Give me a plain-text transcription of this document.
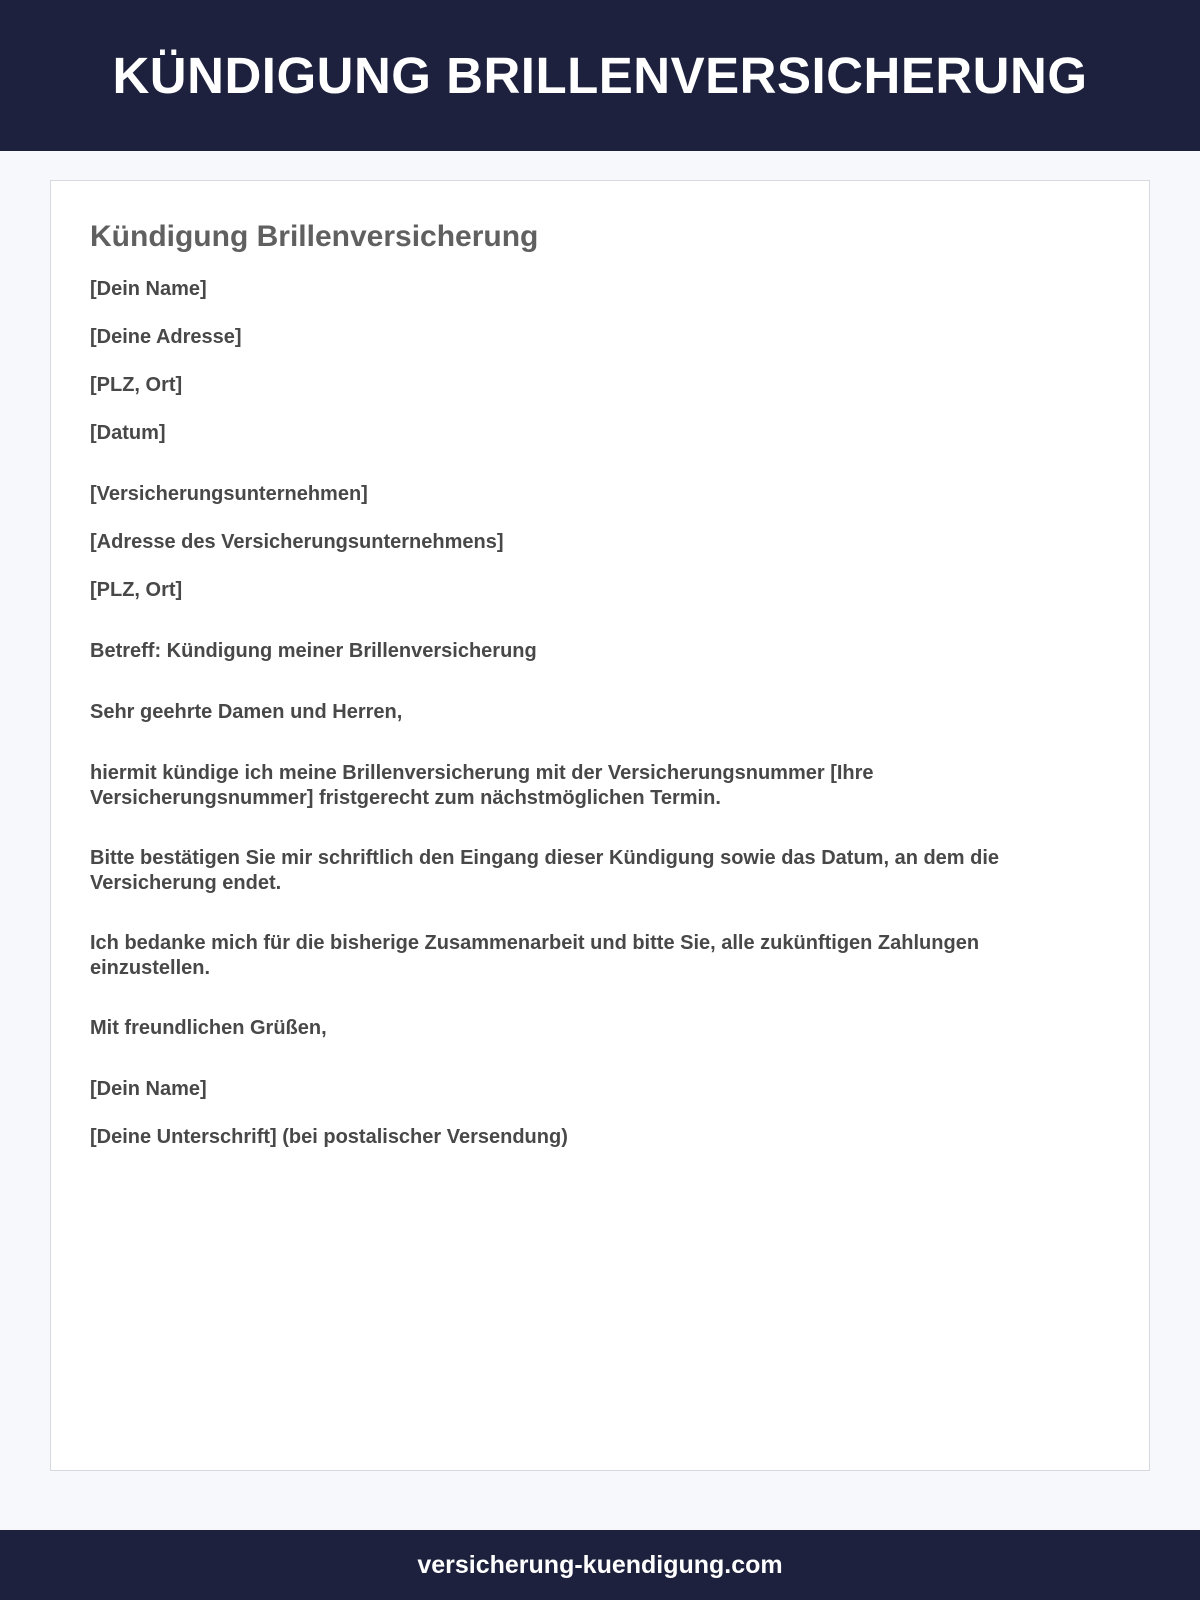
KÜNDIGUNG BRILLENVERSICHERUNG
Kündigung Brillenversicherung
[Dein Name]
[Deine Adresse]
[PLZ, Ort]
[Datum]
[Versicherungsunternehmen]
[Adresse des Versicherungsunternehmens]
[PLZ, Ort]
Betreff: Kündigung meiner Brillenversicherung
Sehr geehrte Damen und Herren,
hiermit kündige ich meine Brillenversicherung mit der Versicherungsnummer [Ihre Versicherungsnummer] fristgerecht zum nächstmöglichen Termin.
Bitte bestätigen Sie mir schriftlich den Eingang dieser Kündigung sowie das Datum, an dem die Versicherung endet.
Ich bedanke mich für die bisherige Zusammenarbeit und bitte Sie, alle zukünftigen Zahlungen einzustellen.
Mit freundlichen Grüßen,
[Dein Name]
[Deine Unterschrift] (bei postalischer Versendung)
versicherung-kuendigung.com
